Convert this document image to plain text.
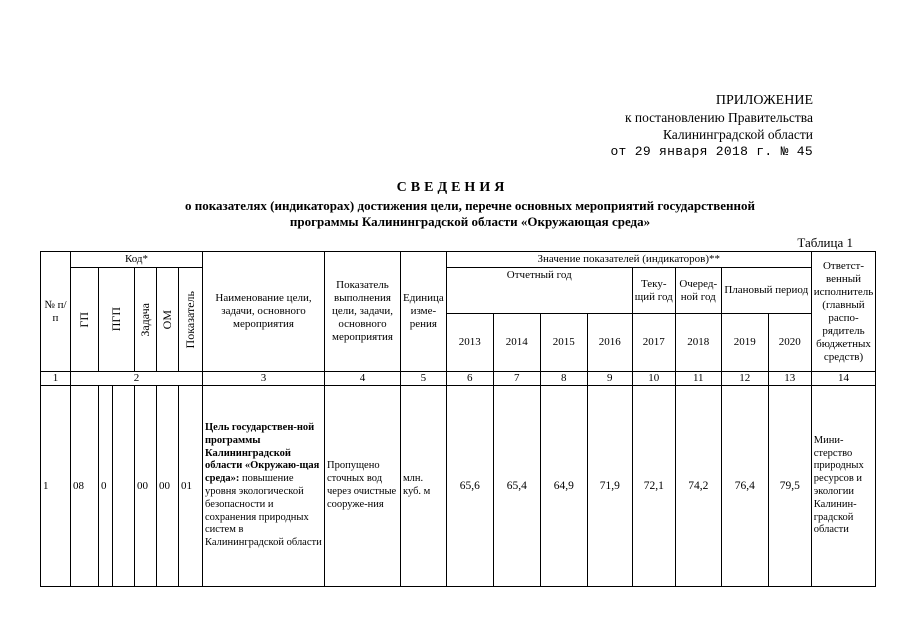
ПРИЛОЖЕНИЕ
к постановлению Правительства
Калининградской области
от 29 января 2018 г. № 45
СВЕДЕНИЯ
о показателях (индикаторах) достижения цели, перечне основных мероприятий государственной
программы Калининградской области «Окружающая среда»
Таблица 1
№ п/п	Код*						Наименование цели, задачи, основного мероприятия	Показатель выполнения цели, задачи, основного мероприятия	Единица изме-рения	Значение показателей (индикаторов)**								Ответст-венный исполнитель (главный распо-рядитель бюджетных средств)

	ГП	ПГП		Задача	ОМ	Показатель				Отчетный год				Теку-щий год	Очеред-ной год	Плановый период		
										2013	2014	2015	2016	2017	2018	2019	2020	
1	2						3	4	5	6	7	8	9	10	11	12	13	14
1	08	0		00	00	01	Цель государствен-ной программы Калининградской области «Окружаю-щая среда»: повышение уровня экологической безопасности и сохранения природных систем в Калининградской области	Пропущено сточных вод через очистные сооруже-ния	млн. куб. м	65,6	65,4	64,9	71,9	72,1	74,2	76,4	79,5	Мини-стерство природных ресурсов и экологии Калинин-градской области
